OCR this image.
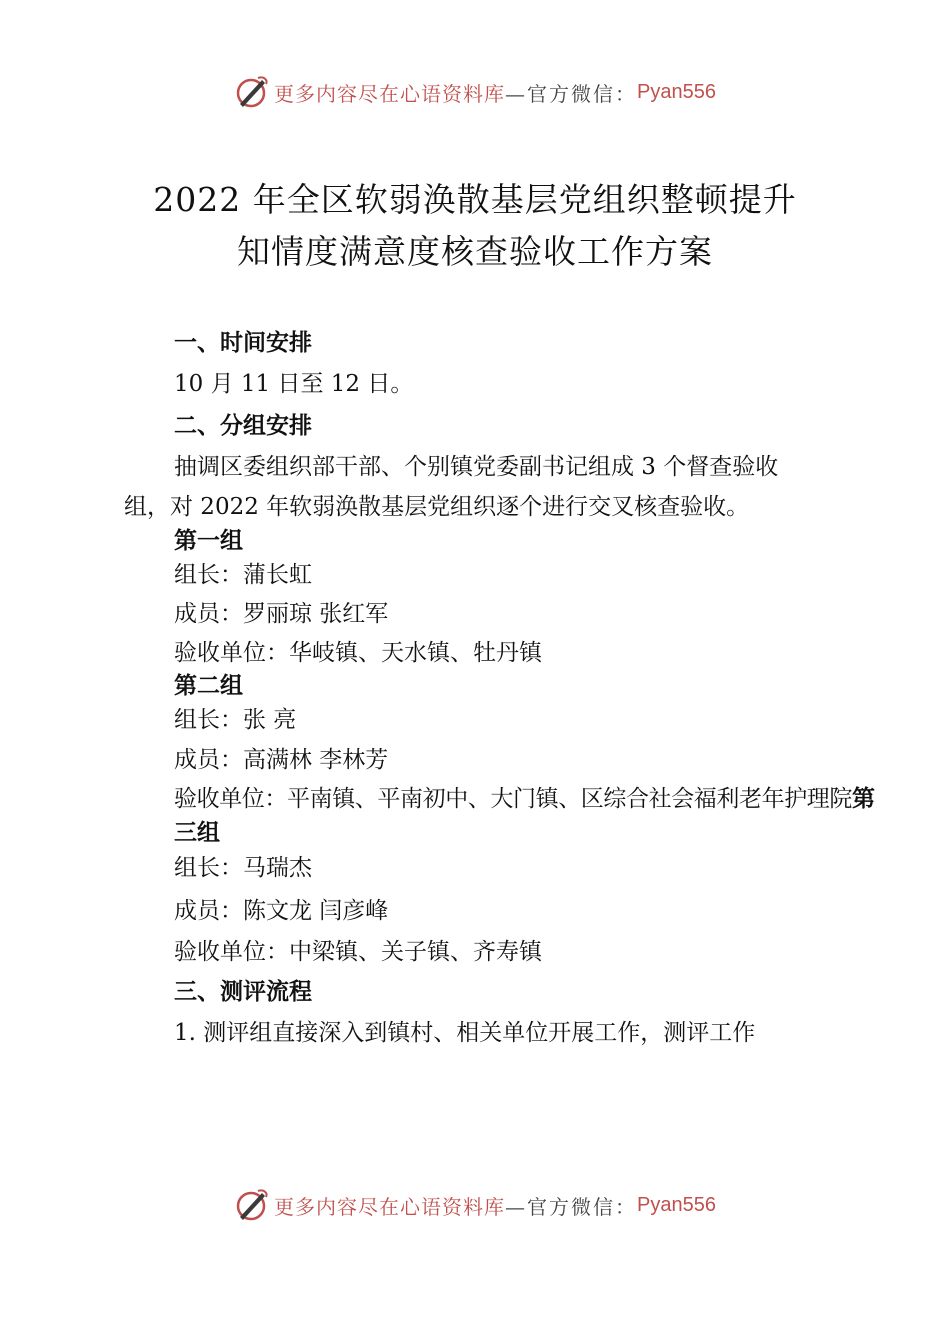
更多内容尽在心语资料库 —官方微信： Pyan556
2022 年全区软弱涣散基层党组织整顿提升
知情度满意度核查验收工作方案
一、时间安排
10 月 11 日至 12 日。
二、分组安排
抽调区委组织部干部、个别镇党委副书记组成 3 个督查验收
组，对 2022 年软弱涣散基层党组织逐个进行交叉核查验收。
第一组
组长：蒲长虹
成员：罗丽琼 张红军
验收单位：华岐镇、天水镇、牡丹镇
第二组
组长：张 亮
成员：高满林 李林芳
验收单位：平南镇、平南初中、大门镇、区综合社会福利老年护理院第
三组
组长：马瑞杰
成员：陈文龙 闫彦峰
验收单位：中梁镇、关子镇、齐寿镇
三、测评流程
1. 测评组直接深入到镇村、相关单位开展工作，测评工作
更多内容尽在心语资料库 —官方微信： Pyan556
